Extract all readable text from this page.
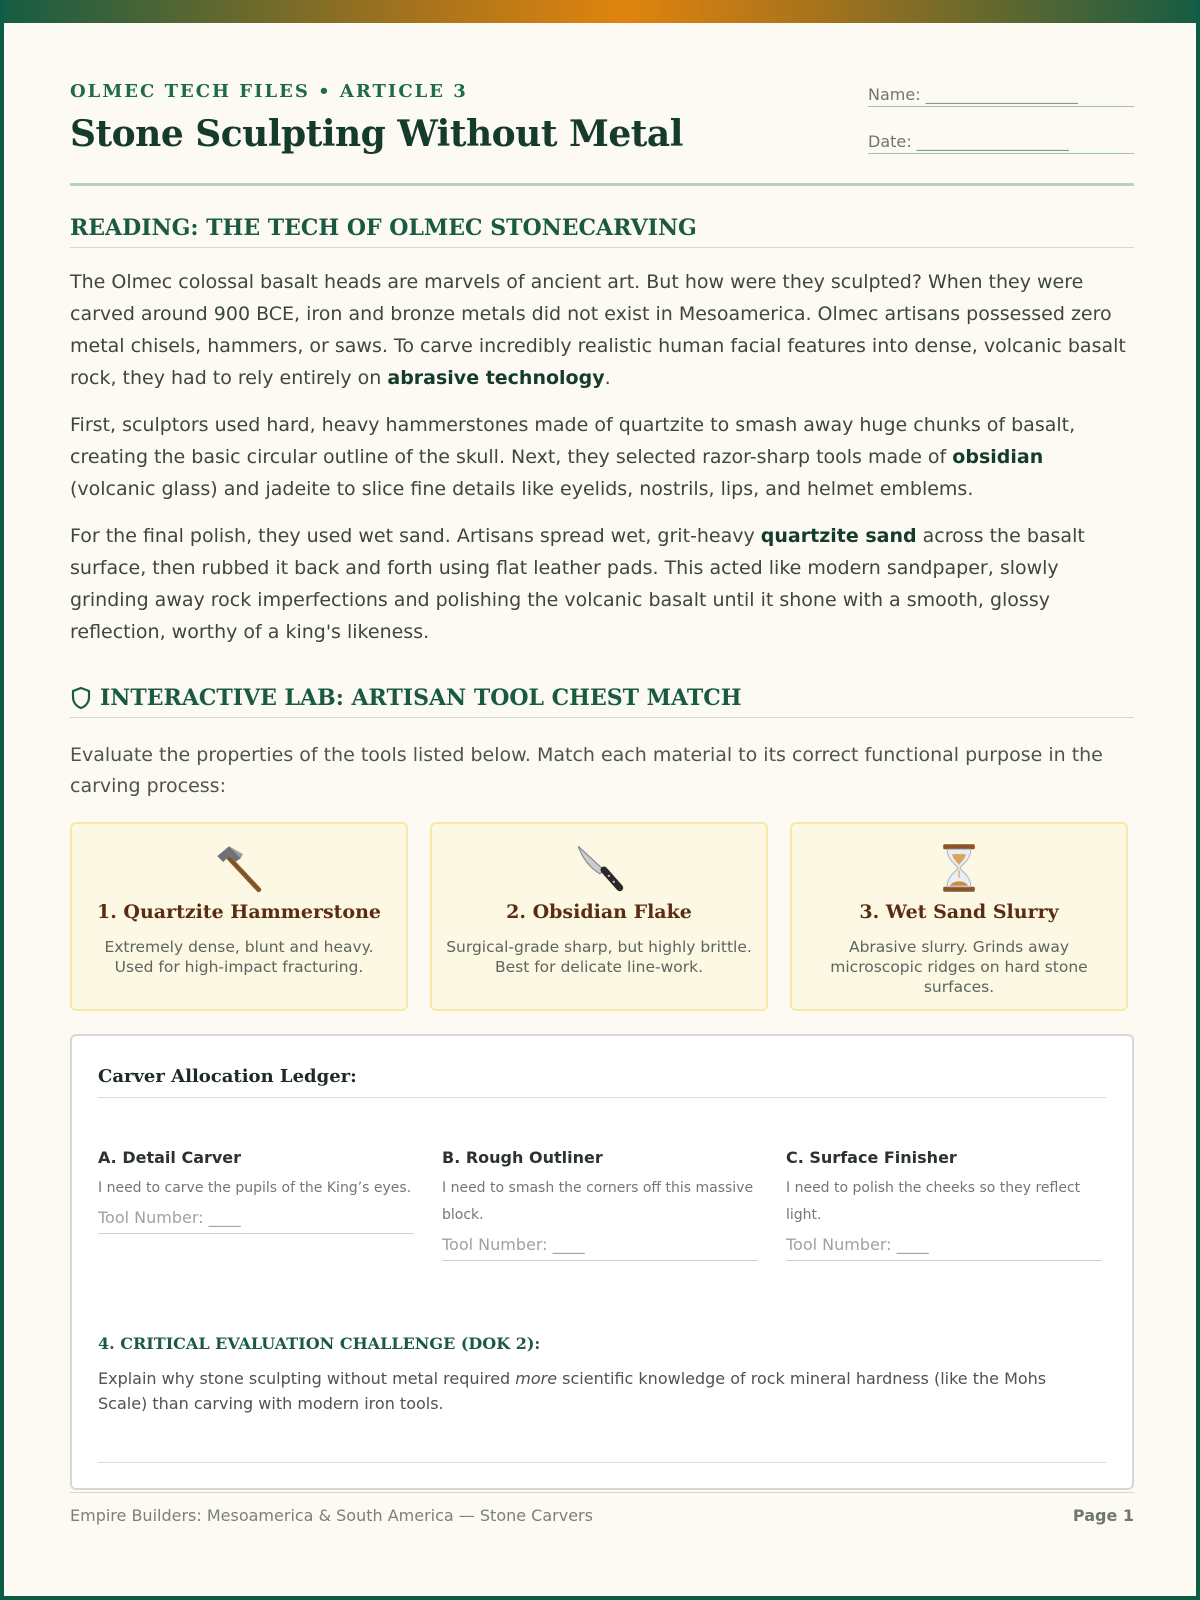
OLMEC TECH FILES • ARTICLE 3
Stone Sculpting Without Metal
Name: ___________________
Date: ___________________
READING: THE TECH OF OLMEC STONECARVING

The Olmec colossal basalt heads are marvels of ancient art. But how were they sculpted? When they were carved around 900 BCE, iron and bronze metals did not exist in Mesoamerica. Olmec artisans possessed zero metal chisels, hammers, or saws. To carve incredibly realistic human facial features into dense, volcanic basalt rock, they had to rely entirely on abrasive technology.

First, sculptors used hard, heavy hammerstones made of quartzite to smash away huge chunks of basalt, creating the basic circular outline of the skull. Next, they selected razor-sharp tools made of obsidian (volcanic glass) and jadeite to slice fine details like eyelids, nostrils, lips, and helmet emblems.

For the final polish, they used wet sand. Artisans spread wet, grit-heavy quartzite sand across the basalt surface, then rubbed it back and forth using flat leather pads. This acted like modern sandpaper, slowly grinding away rock imperfections and polishing the volcanic basalt until it shone with a smooth, glossy reflection, worthy of a king's likeness.

INTERACTIVE LAB: ARTISAN TOOL CHEST MATCH

Evaluate the properties of the tools listed below. Match each material to its correct functional purpose in the carving process:

1. Quartzite Hammerstone
Extremely dense, blunt and heavy. Used for high-impact fracturing.
2. Obsidian Flake
Surgical-grade sharp, but highly brittle. Best for delicate line-work.
3. Wet Sand Slurry
Abrasive slurry. Grinds away microscopic ridges on hard stone surfaces.
Carver Allocation Ledger:

A. Detail Carver

I need to carve the pupils of the King’s eyes.

Tool Number: ____

B. Rough Outliner

I need to smash the corners off this massive block.

Tool Number: ____

C. Surface Finisher

I need to polish the cheeks so they reflect light.

Tool Number: ____
4. CRITICAL EVALUATION CHALLENGE (DOK 2):

Explain why stone sculpting without metal required more scientific knowledge of rock mineral hardness (like the Mohs Scale) than carving with modern iron tools.

Empire Builders: Mesoamerica & South America — Stone Carvers	Page 1
